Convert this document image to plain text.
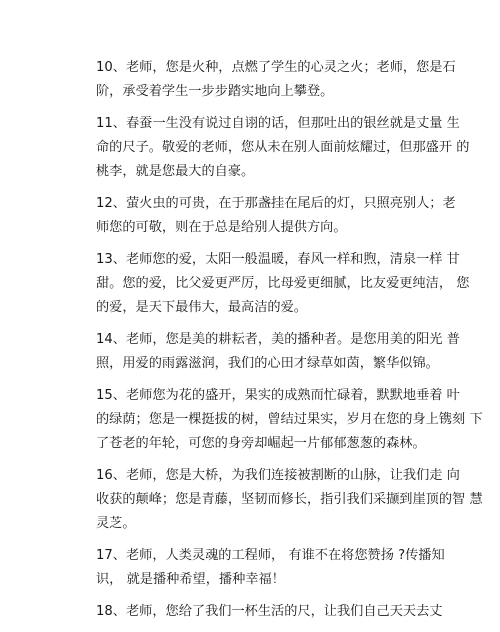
10、老师，您是火种，点燃了学生的心灵之火；老师，您是石
阶，承受着学生一步步踏实地向上攀登。
11、春蚕一生没有说过自诩的话，但那吐出的银丝就是丈量 生
命的尺子。敬爱的老师，您从未在别人面前炫耀过，但那盛开 的
桃李，就是您最大的自豪。
12、萤火虫的可贵，在于那盏挂在尾后的灯，只照亮别人；老
师您的可敬，则在于总是给别人提供方向。
13、老师您的爱，太阳一般温暖，春风一样和煦，清泉一样 甘
甜。您的爱，比父爱更严厉，比母爱更细腻，比友爱更纯洁， 您
的爱，是天下最伟大，最高洁的爱。
14、老师，您是美的耕耘者，美的播种者。是您用美的阳光 普
照，用爱的雨露滋润，我们的心田才绿草如茵，繁华似锦。
15、老师您为花的盛开，果实的成熟而忙碌着，默默地垂着 叶
的绿荫；您是一棵挺拔的树，曾结过果实，岁月在您的身上镌刻 下
了苍老的年轮，可您的身旁却崛起一片郁郁葱葱的森林。
16、老师，您是大桥，为我们连接被割断的山脉，让我们走 向
收获的颠峰；您是青藤，坚韧而修长，指引我们采撷到崖顶的智 慧
灵芝。
17、老师，人类灵魂的工程师， 有谁不在将您赞扬 ?传播知
识， 就是播种希望，播种幸福！
18、老师，您给了我们一杯生活的尺，让我们自己天天去丈
